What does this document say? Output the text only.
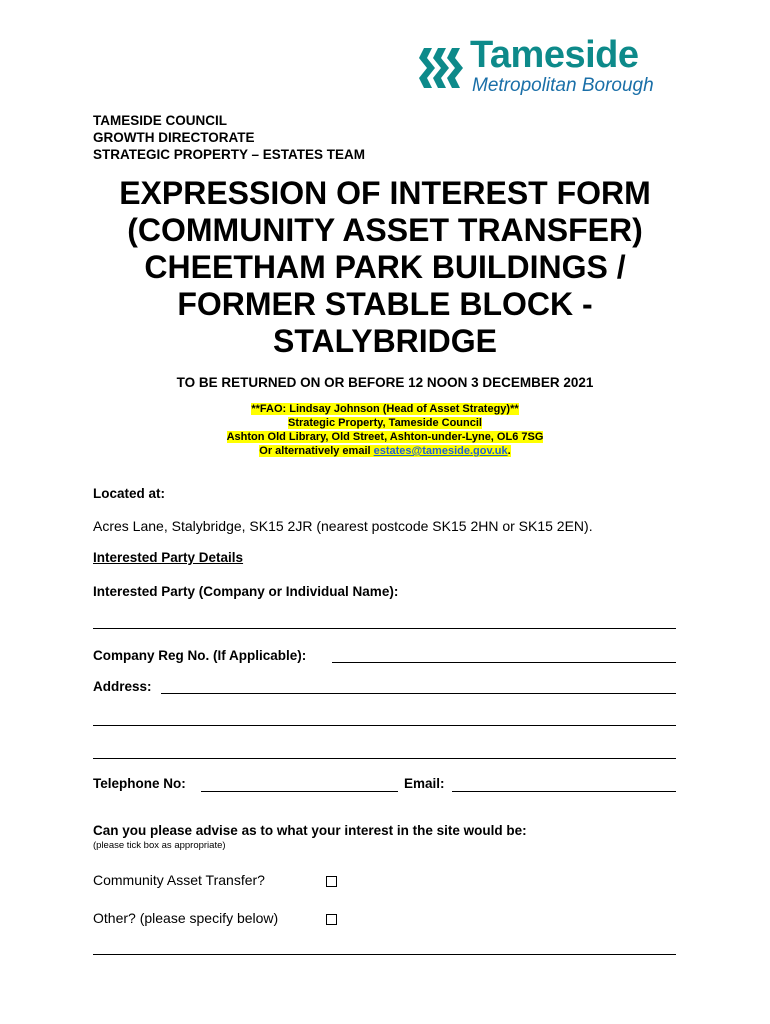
Tameside
Metropolitan Borough
TAMESIDE COUNCIL
GROWTH DIRECTORATE
STRATEGIC PROPERTY – ESTATES TEAM
EXPRESSION OF INTEREST FORM
(COMMUNITY ASSET TRANSFER)
CHEETHAM PARK BUILDINGS /
FORMER STABLE BLOCK -
STALYBRIDGE
TO BE RETURNED ON OR BEFORE 12 NOON 3 DECEMBER 2021
**FAO: Lindsay Johnson (Head of Asset Strategy)**
Strategic Property, Tameside Council
Ashton Old Library, Old Street, Ashton-under-Lyne, OL6 7SG
Or alternatively email estates@tameside.gov.uk.
Located at:
Acres Lane, Stalybridge, SK15 2JR (nearest postcode SK15 2HN or SK15 2EN).
Interested Party Details
Interested Party (Company or Individual Name):
Company Reg No. (If Applicable):
Address:
Telephone No:	Email:
Can you please advise as to what your interest in the site would be:
(please tick box as appropriate)
Community Asset Transfer?
Other? (please specify below)
